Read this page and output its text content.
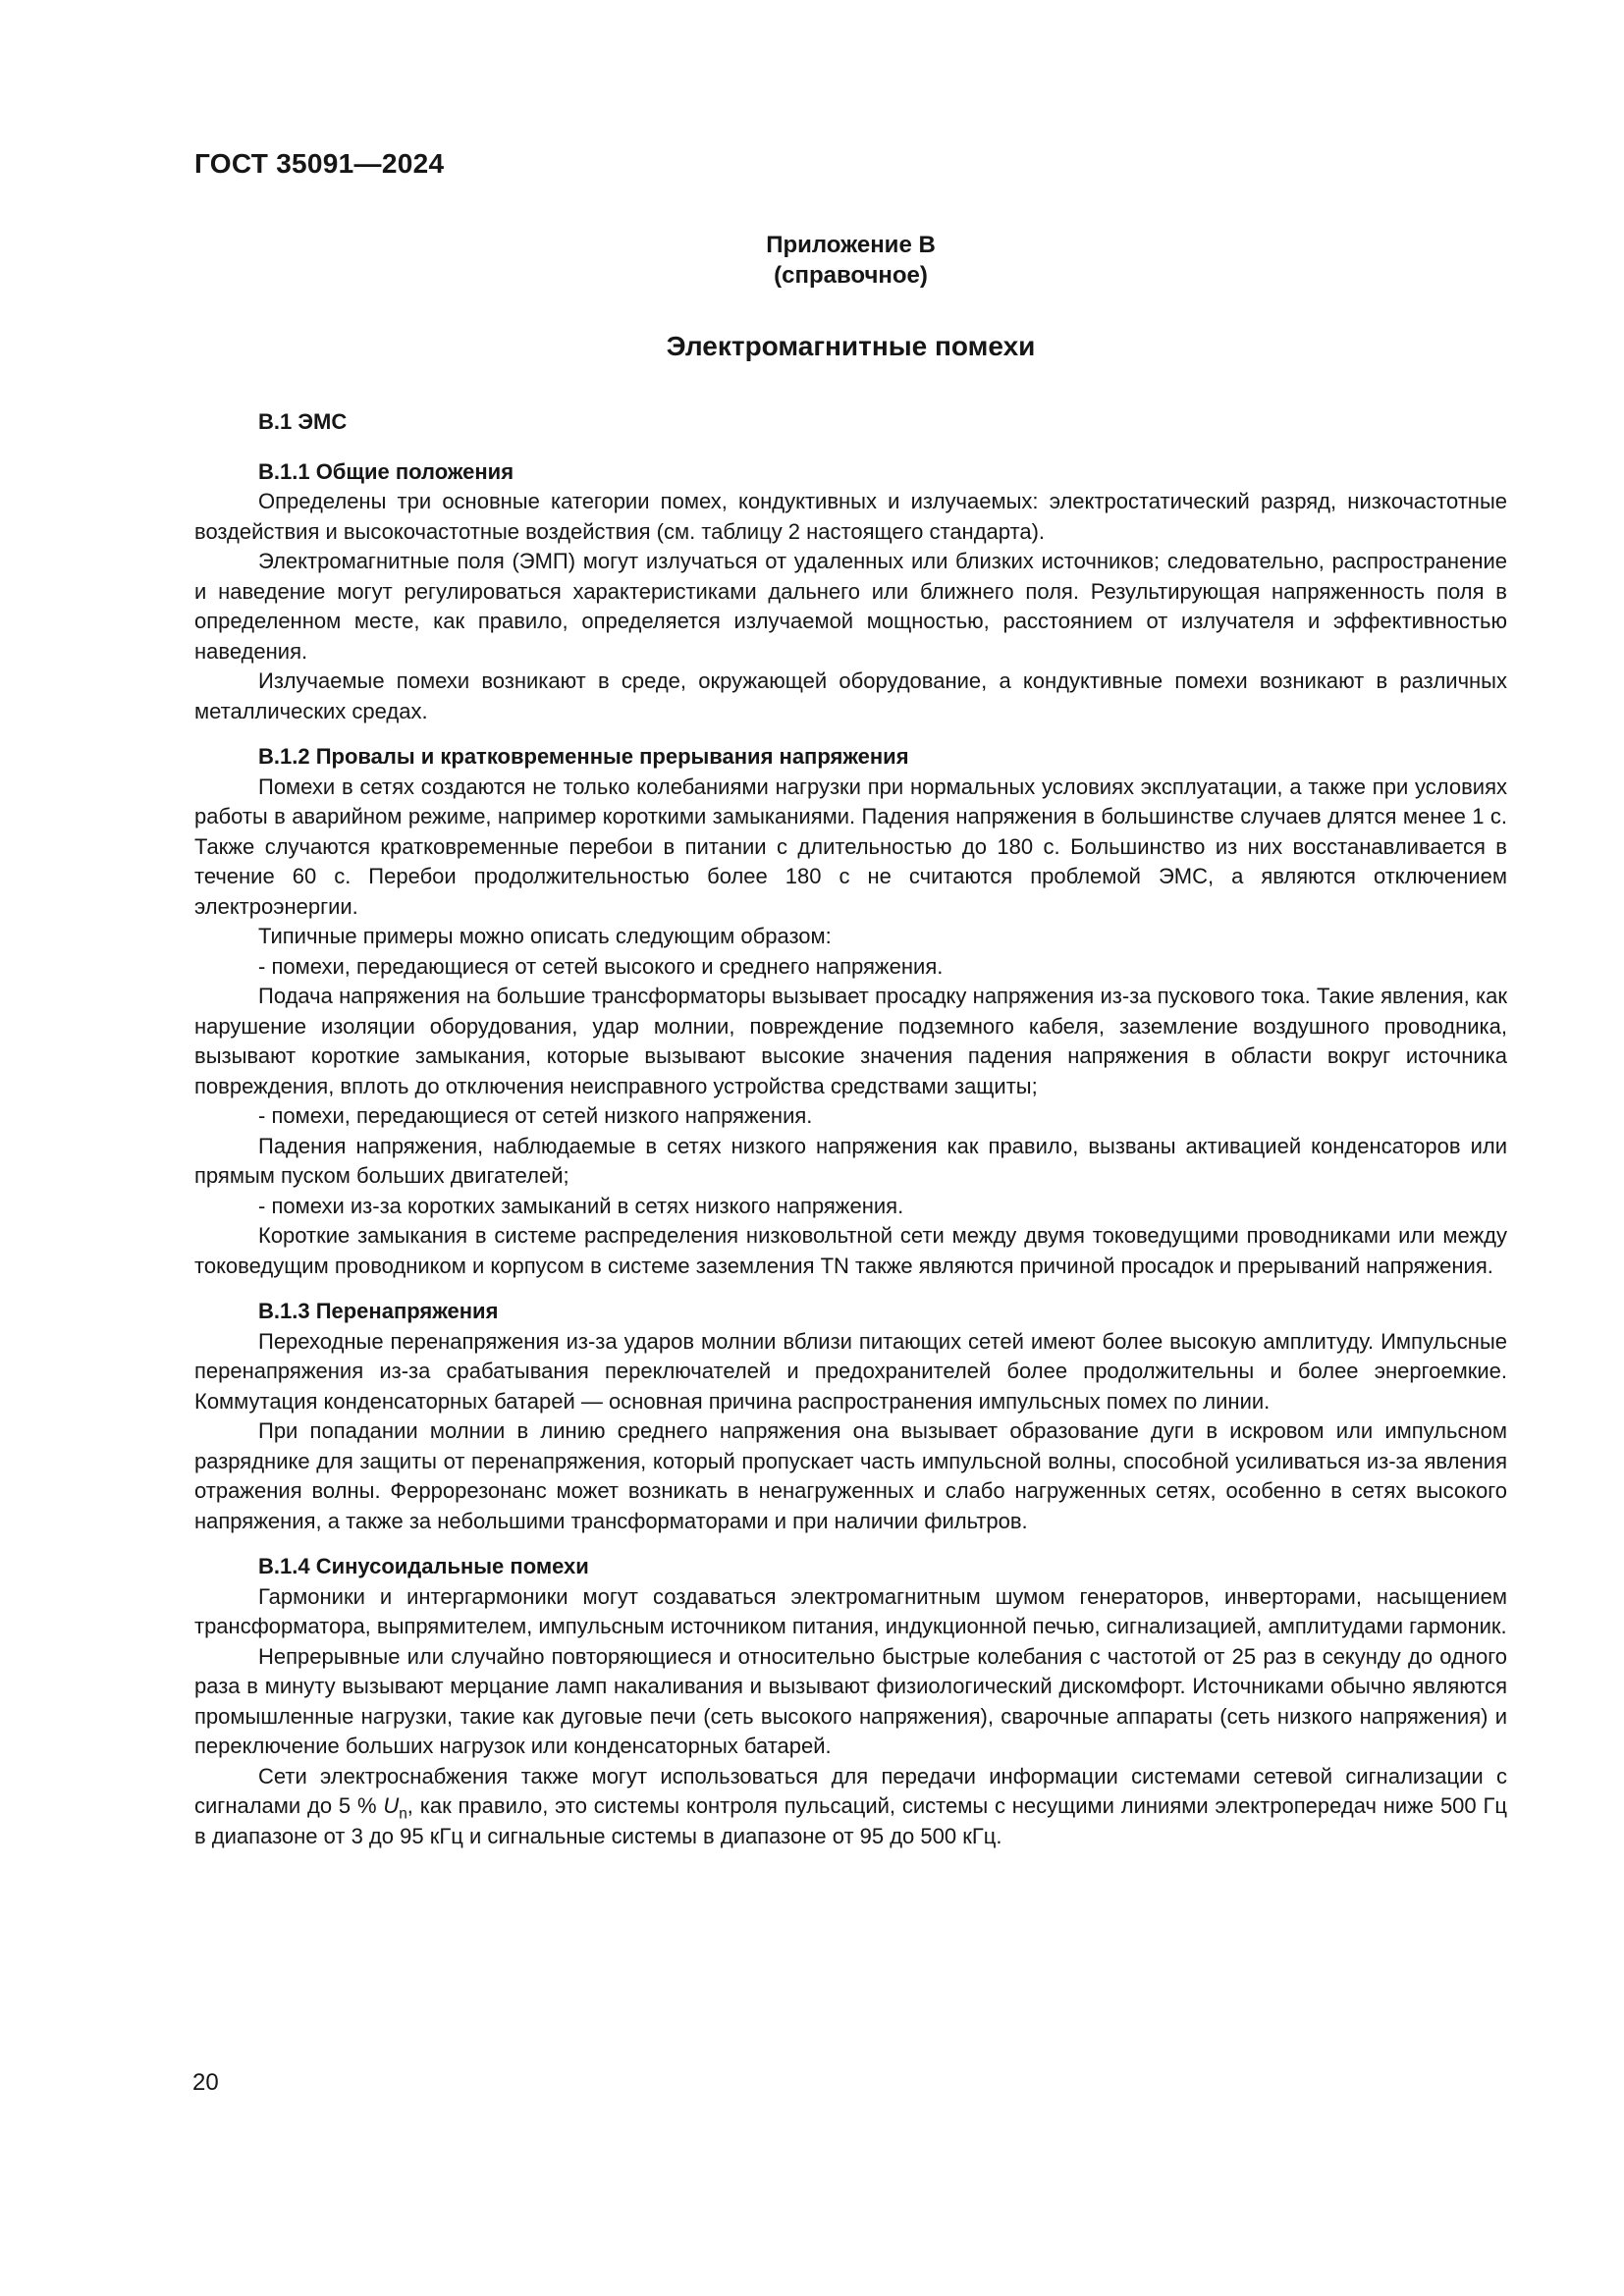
ГОСТ 35091—2024

Приложение В
(справочное)
Электромагнитные помехи
В.1 ЭМС
В.1.1 Общие положения

Определены три основные категории помех, кондуктивных и излучаемых: электростатический разряд, низкочастотные воздействия и высокочастотные воздействия (см. таблицу 2 настоящего стандарта).

Электромагнитные поля (ЭМП) могут излучаться от удаленных или близких источников; следовательно, распространение и наведение могут регулироваться характеристиками дальнего или ближнего поля. Результирующая напряженность поля в определенном месте, как правило, определяется излучаемой мощностью, расстоянием от излучателя и эффективностью наведения.

Излучаемые помехи возникают в среде, окружающей оборудование, а кондуктивные помехи возникают в различных металлических средах.

В.1.2 Провалы и кратковременные прерывания напряжения

Помехи в сетях создаются не только колебаниями нагрузки при нормальных условиях эксплуатации, а также при условиях работы в аварийном режиме, например короткими замыканиями. Падения напряжения в большинстве случаев длятся менее 1 с. Также случаются кратковременные перебои в питании с длительностью до 180 с. Большинство из них восстанавливается в течение 60 с. Перебои продолжительностью более 180 с не считаются проблемой ЭМС, а являются отключением электроэнергии.

Типичные примеры можно описать следующим образом:

- помехи, передающиеся от сетей высокого и среднего напряжения.

Подача напряжения на большие трансформаторы вызывает просадку напряжения из-за пускового тока. Такие явления, как нарушение изоляции оборудования, удар молнии, повреждение подземного кабеля, заземление воздушного проводника, вызывают короткие замыкания, которые вызывают высокие значения падения напряжения в области вокруг источника повреждения, вплоть до отключения неисправного устройства средствами защиты;

- помехи, передающиеся от сетей низкого напряжения.

Падения напряжения, наблюдаемые в сетях низкого напряжения как правило, вызваны активацией конденсаторов или прямым пуском больших двигателей;

- помехи из-за коротких замыканий в сетях низкого напряжения.

Короткие замыкания в системе распределения низковольтной сети между двумя токоведущими проводниками или между токоведущим проводником и корпусом в системе заземления TN также являются причиной просадок и прерываний напряжения.

В.1.3 Перенапряжения

Переходные перенапряжения из-за ударов молнии вблизи питающих сетей имеют более высокую амплитуду. Импульсные перенапряжения из-за срабатывания переключателей и предохранителей более продолжительны и более энергоемкие. Коммутация конденсаторных батарей — основная причина распространения импульсных помех по линии.

При попадании молнии в линию среднего напряжения она вызывает образование дуги в искровом или импульсном разряднике для защиты от перенапряжения, который пропускает часть импульсной волны, способной усиливаться из-за явления отражения волны. Феррорезонанс может возникать в ненагруженных и слабо нагруженных сетях, особенно в сетях высокого напряжения, а также за небольшими трансформаторами и при наличии фильтров.

В.1.4 Синусоидальные помехи

Гармоники и интергармоники могут создаваться электромагнитным шумом генераторов, инверторами, насыщением трансформатора, выпрямителем, импульсным источником питания, индукционной печью, сигнализацией, амплитудами гармоник.

Непрерывные или случайно повторяющиеся и относительно быстрые колебания с частотой от 25 раз в секунду до одного раза в минуту вызывают мерцание ламп накаливания и вызывают физиологический дискомфорт. Источниками обычно являются промышленные нагрузки, такие как дуговые печи (сеть высокого напряжения), сварочные аппараты (сеть низкого напряжения) и переключение больших нагрузок или конденсаторных батарей.

Сети электроснабжения также могут использоваться для передачи информации системами сетевой сигнализации с сигналами до 5 % $U_n$, как правило, это системы контроля пульсаций, системы с несущими линиями электропередач ниже 500 Гц в диапазоне от 3 до 95 кГц и сигнальные системы в диапазоне от 95 до 500 кГц.

20
